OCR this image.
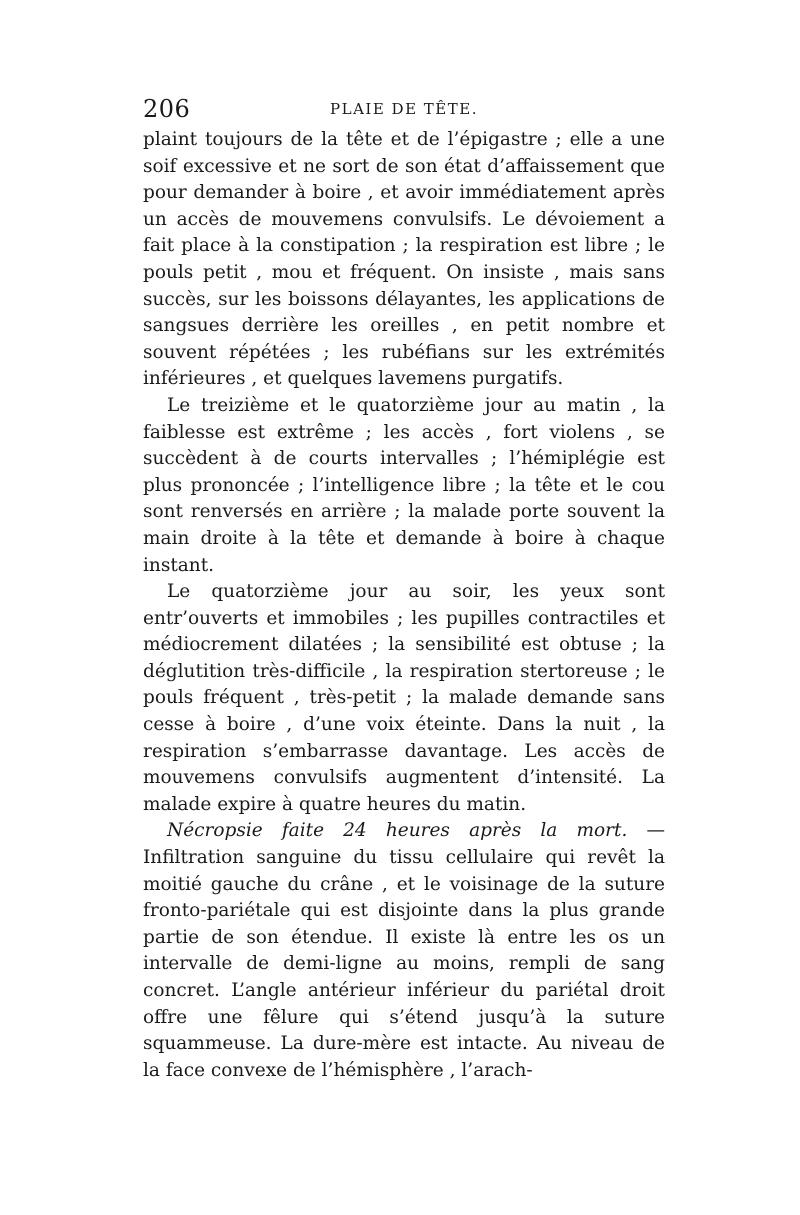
206	PLAIE DE TÊTE.

plaint toujours de la tête et de l’épigastre ; elle a une soif excessive et ne sort de son état d’affaissement que pour demander à boire , et avoir immédiatement après un accès de mouvemens convulsifs. Le dévoiement a fait place à la constipation ; la respiration est libre ; le pouls petit , mou et fréquent. On insiste , mais sans succès, sur les boissons délayantes, les applications de sangsues derrière les oreilles , en petit nombre et souvent répétées ; les rubéfians sur les extrémités inférieures , et quelques lavemens purgatifs.

Le treizième et le quatorzième jour au matin , la faiblesse est extrême ; les accès , fort violens , se succèdent à de courts intervalles ; l’hémiplégie est plus prononcée ; l’intelligence libre ; la tête et le cou sont renversés en arrière ; la malade porte souvent la main droite à la tête et demande à boire à chaque instant.

Le quatorzième jour au soir, les yeux sont entr’ouverts et immobiles ; les pupilles contractiles et médiocrement dilatées ; la sensibilité est obtuse ; la déglutition très-difficile , la respiration stertoreuse ; le pouls fréquent , très-petit ; la malade demande sans cesse à boire , d’une voix éteinte. Dans la nuit , la respiration s’embarrasse davantage. Les accès de mouvemens convulsifs augmentent d’intensité. La malade expire à quatre heures du matin.

Nécropsie faite 24 heures après la mort. — Infiltration sanguine du tissu cellulaire qui revêt la moitié gauche du crâne , et le voisinage de la suture fronto-pariétale qui est disjointe dans la plus grande partie de son étendue. Il existe là entre les os un intervalle de demi-ligne au moins, rempli de sang concret. L’angle antérieur inférieur du pariétal droit offre une fêlure qui s’étend jusqu’à la suture squammeuse. La dure-mère est intacte. Au niveau de la face convexe de l’hémisphère , l’arach-
